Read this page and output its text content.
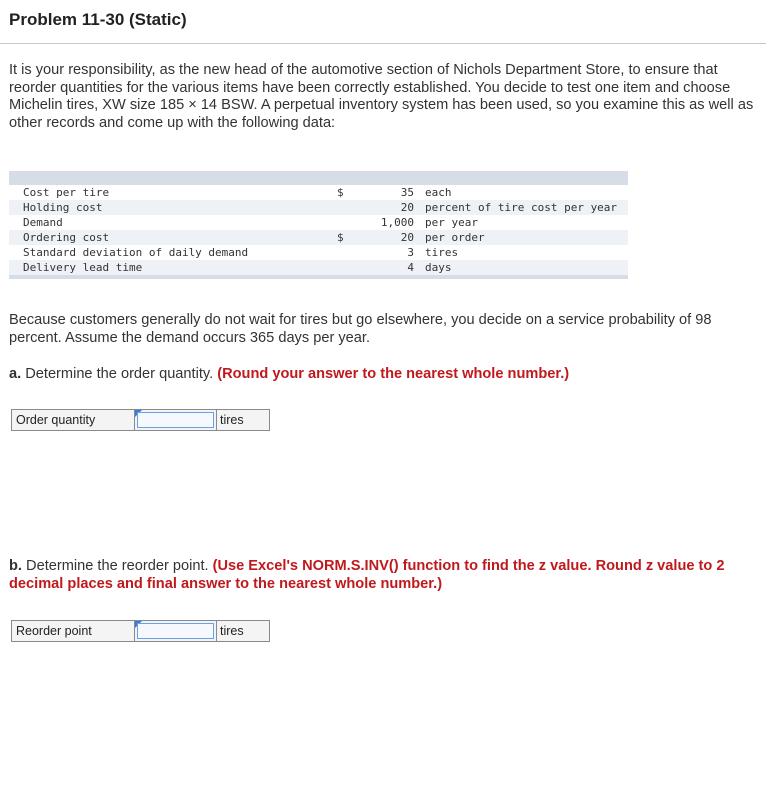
Problem 11-30 (Static)
It is your responsibility, as the new head of the automotive section of Nichols Department Store, to ensure that reorder quantities for the various items have been correctly established. You decide to test one item and choose Michelin tires, XW size 185 × 14 BSW. A perpetual inventory system has been used, so you examine this as well as other records and come up with the following data:
Cost per tire	$	35 each
Holding cost	20 percent of tire cost per year
Demand	1,000 per year
Ordering cost	$	20 per order
Standard deviation of daily demand	3 tires
Delivery lead time	4 days
Because customers generally do not wait for tires but go elsewhere, you decide on a service probability of 98 percent. Assume the demand occurs 365 days per year.
a. Determine the order quantity. (Round your answer to the nearest whole number.)
Order quantity	tires
b. Determine the reorder point. (Use Excel's NORM.S.INV() function to find the z value. Round z value to 2 decimal places and final answer to the nearest whole number.)
Reorder point	tires
